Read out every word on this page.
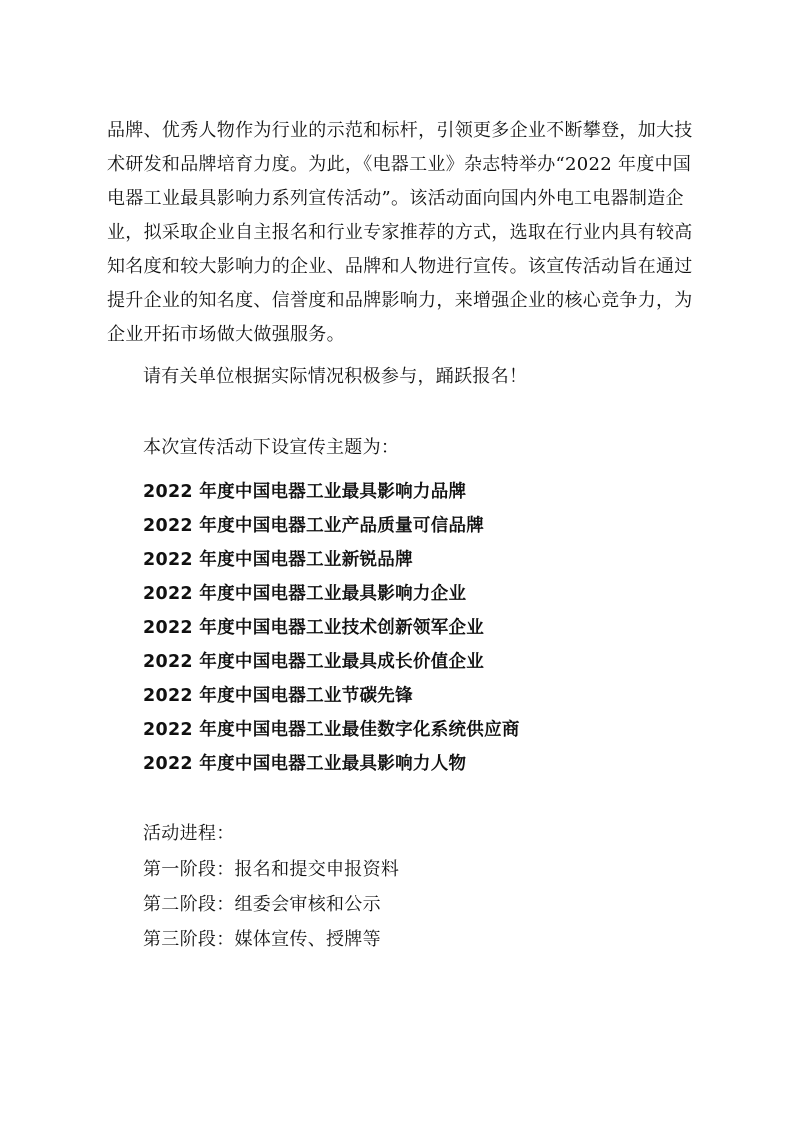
品牌、优秀人物作为行业的示范和标杆，引领更多企业不断攀登，加大技
术研发和品牌培育力度。为此，《电器工业》杂志特举办“2022 年度中国
电器工业最具影响力系列宣传活动”。该活动面向国内外电工电器制造企
业，拟采取企业自主报名和行业专家推荐的方式，选取在行业内具有较高
知名度和较大影响力的企业、品牌和人物进行宣传。该宣传活动旨在通过
提升企业的知名度、信誉度和品牌影响力，来增强企业的核心竞争力，为
企业开拓市场做大做强服务。
请有关单位根据实际情况积极参与，踊跃报名！
本次宣传活动下设宣传主题为：
2022 年度中国电器工业最具影响力品牌
2022 年度中国电器工业产品质量可信品牌
2022 年度中国电器工业新锐品牌
2022 年度中国电器工业最具影响力企业
2022 年度中国电器工业技术创新领军企业
2022 年度中国电器工业最具成长价值企业
2022 年度中国电器工业节碳先锋
2022 年度中国电器工业最佳数字化系统供应商
2022 年度中国电器工业最具影响力人物
活动进程：
第一阶段：报名和提交申报资料
第二阶段：组委会审核和公示
第三阶段：媒体宣传、授牌等
